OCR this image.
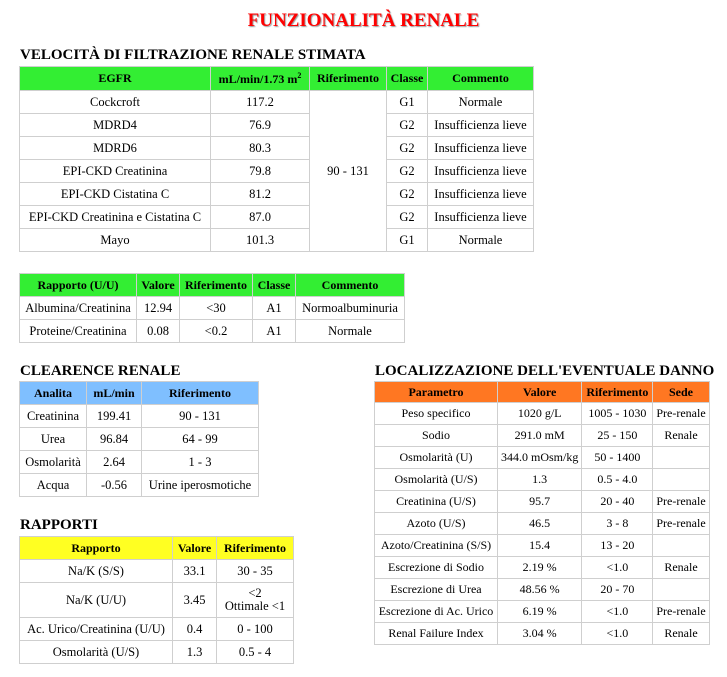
FUNZIONALITÀ RENALE
VELOCITÀ DI FILTRAZIONE RENALE STIMATA
EGFR	mL/min/1.73 $m^2$	Riferimento	Classe	Commento
Cockcroft	117.2	90 - 131	G1	Normale
MDRD4	76.9		G2	Insufficienza lieve
MDRD6	80.3		G2	Insufficienza lieve
EPI-CKD Creatinina	79.8		G2	Insufficienza lieve
EPI-CKD Cistatina C	81.2		G2	Insufficienza lieve
EPI-CKD Creatinina e Cistatina C	87.0		G2	Insufficienza lieve
Mayo	101.3		G1	Normale
Rapporto (U/U)	Valore	Riferimento	Classe	Commento
Albumina/Creatinina	12.94	<30	A1	Normoalbuminuria
Proteine/Creatinina	0.08	<0.2	A1	Normale
CLEARENCE RENALE
Analita	mL/min	Riferimento
Creatinina	199.41	90 - 131
Urea	96.84	64 - 99
Osmolarità	2.64	1 - 3
Acqua	-0.56	Urine iperosmotiche
RAPPORTI
Rapporto	Valore	Riferimento
Na/K (S/S)	33.1	30 - 35
Na/K (U/U)	3.45	<2
Ottimale <1
Ac. Urico/Creatinina (U/U)	0.4	0 - 100
Osmolarità (U/S)	1.3	0.5 - 4
LOCALIZZAZIONE DELL'EVENTUALE DANNO
Parametro	Valore	Riferimento	Sede
Peso specifico	1020 g/L	1005 - 1030	Pre-renale
Sodio	291.0 mM	25 - 150	Renale
Osmolarità (U)	344.0 mOsm/kg	50 - 1400	
Osmolarità (U/S)	1.3	0.5 - 4.0	
Creatinina (U/S)	95.7	20 - 40	Pre-renale
Azoto (U/S)	46.5	3 - 8	Pre-renale
Azoto/Creatinina (S/S)	15.4	13 - 20	
Escrezione di Sodio	2.19 %	<1.0	Renale
Escrezione di Urea	48.56 %	20 - 70	
Escrezione di Ac. Urico	6.19 %	<1.0	Pre-renale
Renal Failure Index	3.04 %	<1.0	Renale
